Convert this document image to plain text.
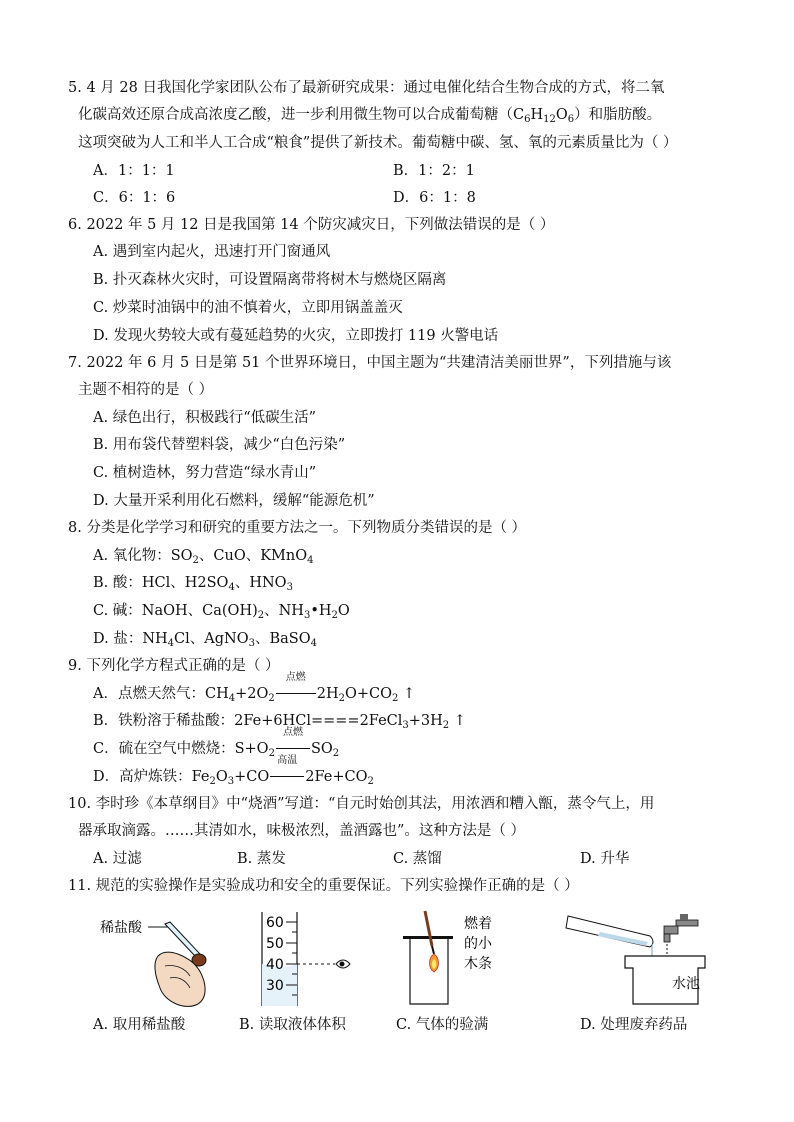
5. 4 月 28 日我国化学家团队公布了最新研究成果：通过电催化结合生物合成的方式，将二氧
化碳高效还原合成高浓度乙酸，进一步利用微生物可以合成葡萄糖$(C_6H_{12}O_6)$和脂肪酸。
这项突破为人工和半人工合成“粮食”提供了新技术。葡萄糖中碳、氢、氧的元素质量比为（ ）
A．1：1：1	B．1：2：1
C．6：1：6	D．6：1：8
6. 2022 年 5 月 12 日是我国第 14 个防灾减灾日，下列做法错误的是（ ）
A. 遇到室内起火，迅速打开门窗通风
B. 扑灭森林火灾时，可设置隔离带将树木与燃烧区隔离
C. 炒菜时油锅中的油不慎着火，立即用锅盖盖灭
D. 发现火势较大或有蔓延趋势的火灾，立即拨打 119 火警电话
7. 2022 年 6 月 5 日是第 51 个世界环境日，中国主题为“共建清洁美丽世界”，下列措施与该
主题不相符的是（ ）
A. 绿色出行，积极践行“低碳生活”
B. 用布袋代替塑料袋，减少“白色污染”
C. 植树造林，努力营造“绿水青山”
D. 大量开采利用化石燃料，缓解“能源危机”
8. 分类是化学学习和研究的重要方法之一。下列物质分类错误的是（ ）
A. 氧化物：$SO_2$、CuO、KMnO$_4$
B. 酸：HCl、$H2SO_4$、$HNO_3$
C. 碱：NaOH、$Ca(OH)_2$、$NH_3•H_2O$
D. 盐：$NH_4Cl$、AgNO$_3$、BaSO$_4$
9. 下列化学方程式正确的是（ ）
A．点燃天然气：$CH_4+2O_2$
点燃
$2H_2O+CO_2$ ↑
B．铁粉溶于稀盐酸：$2Fe+6HCl====2FeCl_3+3H_2$ ↑
C．硫在空气中燃烧：$S+O_2$
点燃
$SO_2$
D．高炉炼铁：$Fe_2O_3+CO$
高温
$2Fe+CO_2$
10. 李时珍《本草纲目》中“烧酒”写道：“自元时始创其法，用浓酒和糟入甑，蒸令气上，用
器承取滴露。……其清如水，味极浓烈，盖酒露也”。这种方法是（ ）
A. 过滤	B. 蒸发	C. 蒸馏	D. 升华
11. 规范的实验操作是实验成功和安全的重要保证。下列实验操作正确的是（ ）
稀盐酸	60
50
40
30
燃着
的小
木条
水池
A. 取用稀盐酸	B. 读取液体体积	C. 气体的验满	D. 处理废弃药品
